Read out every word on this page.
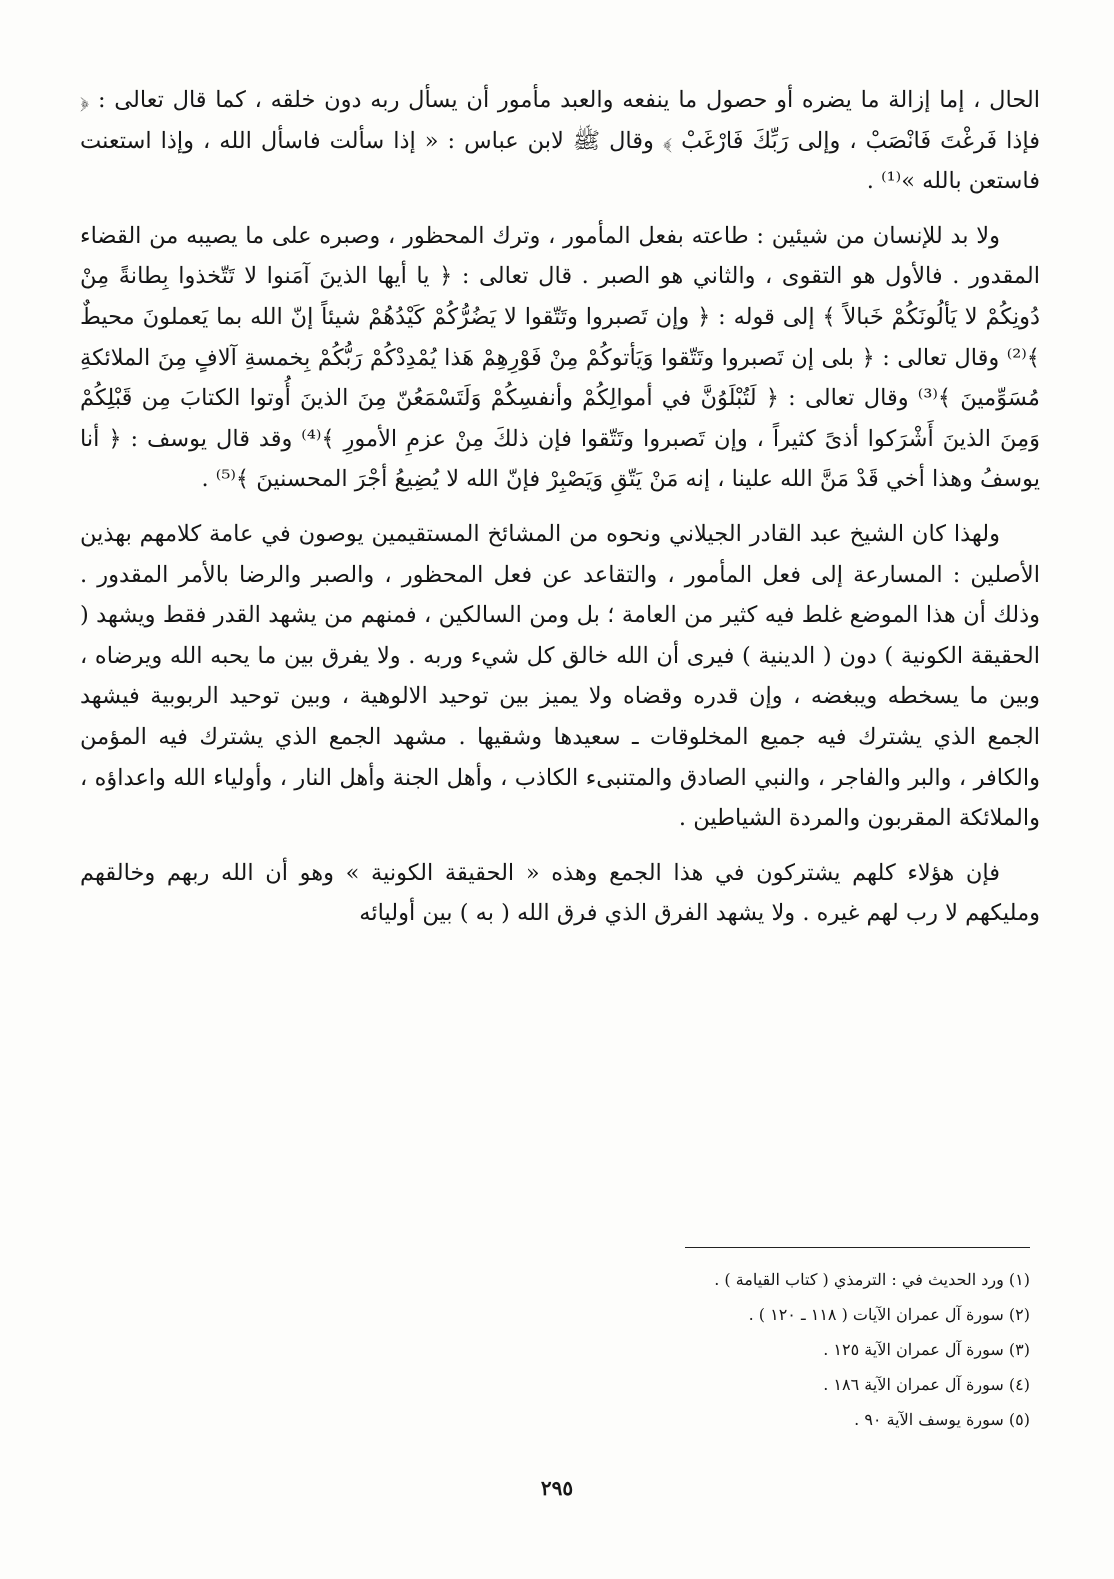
الحال ، إما إزالة ما يضره أو حصول ما ينفعه والعبد مأمور أن يسأل ربه دون خلقه ، كما قال تعالى : ﴿ فإذا فَرغْتَ فَانْصَبْ ، وإلى رَبِّكَ فَارْغَبْ ﴾ وقال ﷺ لابن عباس : « إذا سألت فاسأل الله ، وإذا استعنت فاستعن بالله »⁽¹⁾ .

ولا بد للإنسان من شيئين : طاعته بفعل المأمور ، وترك المحظور ، وصبره على ما يصيبه من القضاء المقدور . فالأول هو التقوى ، والثاني هو الصبر . قال تعالى : ﴿ يا أيها الذينَ آمَنوا لا تَتّخذوا بِطانةً مِنْ دُونِكُمْ لا يَألُونَكُمْ خَبالاً ﴾ إلى قوله : ﴿ وإن تَصبروا وتَتّقوا لا يَضُرُّكُمْ كَيْدُهُمْ شيئاً إنّ الله بما يَعملونَ محيطٌ ﴾⁽²⁾ وقال تعالى : ﴿ بلى إن تَصبروا وتَتّقوا وَيَأتوكُمْ مِنْ فَوْرِهِمْ هَذا يُمْدِدْكُمْ رَبُّكُمْ بِخمسةِ آلافٍ مِنَ الملائكةِ مُسَوِّمينَ ﴾⁽³⁾ وقال تعالى : ﴿ لَتُبْلَوُنَّ في أموالِكُمْ وأنفسِكُمْ وَلَتَسْمَعُنّ مِنَ الذينَ أُوتوا الكتابَ مِن قَبْلِكُمْ وَمِنَ الذينَ أَشْرَكوا أذىً كثيراً ، وإن تَصبروا وتَتّقوا فإن ذلكَ مِنْ عزمِ الأمورِ ﴾⁽⁴⁾ وقد قال يوسف : ﴿ أنا يوسفُ وهذا أخي قَدْ مَنَّ الله علينا ، إنه مَنْ يَتّقِ وَيَصْبِرْ فإنّ الله لا يُضِيعُ أجْرَ المحسنينَ ﴾⁽⁵⁾ .

ولهذا كان الشيخ عبد القادر الجيلاني ونحوه من المشائخ المستقيمين يوصون في عامة كلامهم بهذين الأصلين : المسارعة إلى فعل المأمور ، والتقاعد عن فعل المحظور ، والصبر والرضا بالأمر المقدور . وذلك أن هذا الموضع غلط فيه كثير من العامة ؛ بل ومن السالكين ، فمنهم من يشهد القدر فقط ويشهد ( الحقيقة الكونية ) دون ( الدينية ) فيرى أن الله خالق كل شيء وربه . ولا يفرق بين ما يحبه الله ويرضاه ، وبين ما يسخطه ويبغضه ، وإن قدره وقضاه ولا يميز بين توحيد الالوهية ، وبين توحيد الربوبية فيشهد الجمع الذي يشترك فيه جميع المخلوقات ـ سعيدها وشقيها . مشهد الجمع الذي يشترك فيه المؤمن والكافر ، والبر والفاجر ، والنبي الصادق والمتنبىء الكاذب ، وأهل الجنة وأهل النار ، وأولياء الله واعداؤه ، والملائكة المقربون والمردة الشياطين .

فإن هؤلاء كلهم يشتركون في هذا الجمع وهذه « الحقيقة الكونية » وهو أن الله ربهم وخالقهم ومليكهم لا رب لهم غيره . ولا يشهد الفرق الذي فرق الله ( به ) بين أوليائه

(١) ورد الحديث في : الترمذي ( كتاب القيامة ) .
(٢) سورة آل عمران الآيات ( ١١٨ ـ ١٢٠ ) .
(٣) سورة آل عمران الآية ١٢٥ .
(٤) سورة آل عمران الآية ١٨٦ .
(٥) سورة يوسف الآية ٩٠ .
٢٩٥
